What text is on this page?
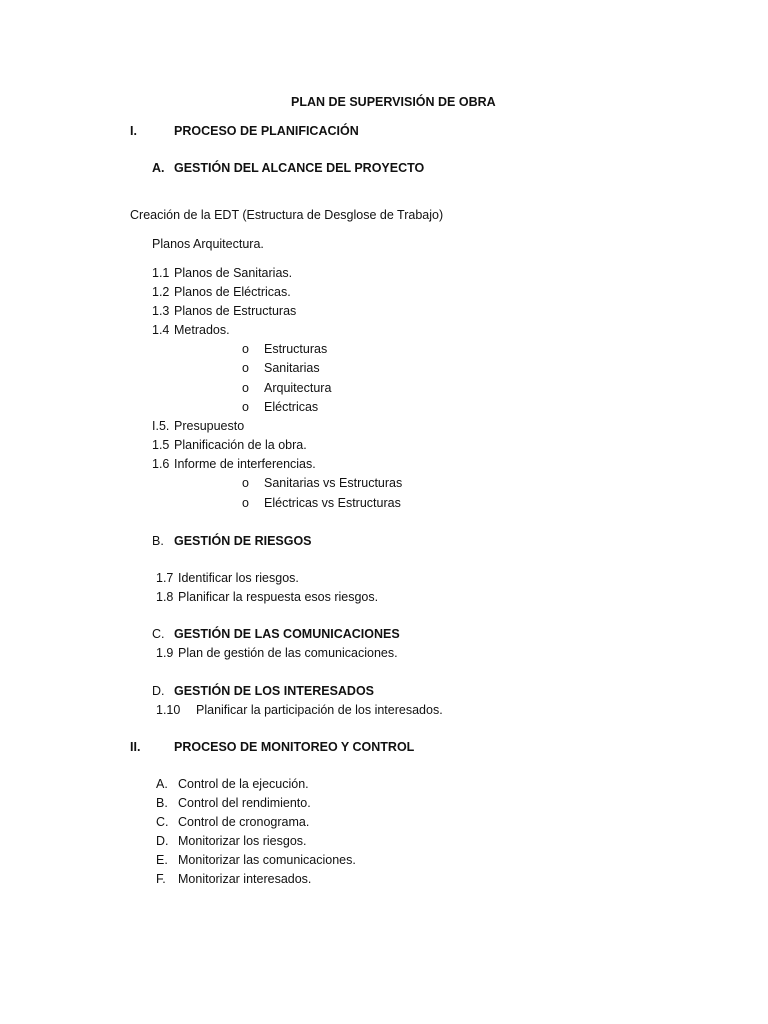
PLAN DE SUPERVISIÓN DE OBRA
I.	PROCESO DE PLANIFICACIÓN
A. GESTIÓN DEL ALCANCE DEL PROYECTO
Creación de la EDT (Estructura de Desglose de Trabajo)
Planos Arquitectura.
1.1 Planos de Sanitarias.
1.2 Planos de Eléctricas.
1.3 Planos de Estructuras
1.4 Metrados.
o Estructuras
o Sanitarias
o Arquitectura
o Eléctricas
I.5. Presupuesto
1.5 Planificación de la obra.
1.6 Informe de interferencias.
o Sanitarias vs Estructuras
o Eléctricas vs Estructuras
B. GESTIÓN DE RIESGOS
1.7 Identificar los riesgos.
1.8 Planificar la respuesta esos riesgos.
C. GESTIÓN DE LAS COMUNICACIONES
1.9 Plan de gestión de las comunicaciones.
D. GESTIÓN DE LOS INTERESADOS
1.10 Planificar la participación de los interesados.
II.	PROCESO DE MONITOREO Y CONTROL
A. Control de la ejecución.
B. Control del rendimiento.
C. Control de cronograma.
D. Monitorizar los riesgos.
E. Monitorizar las comunicaciones.
F. Monitorizar interesados.
